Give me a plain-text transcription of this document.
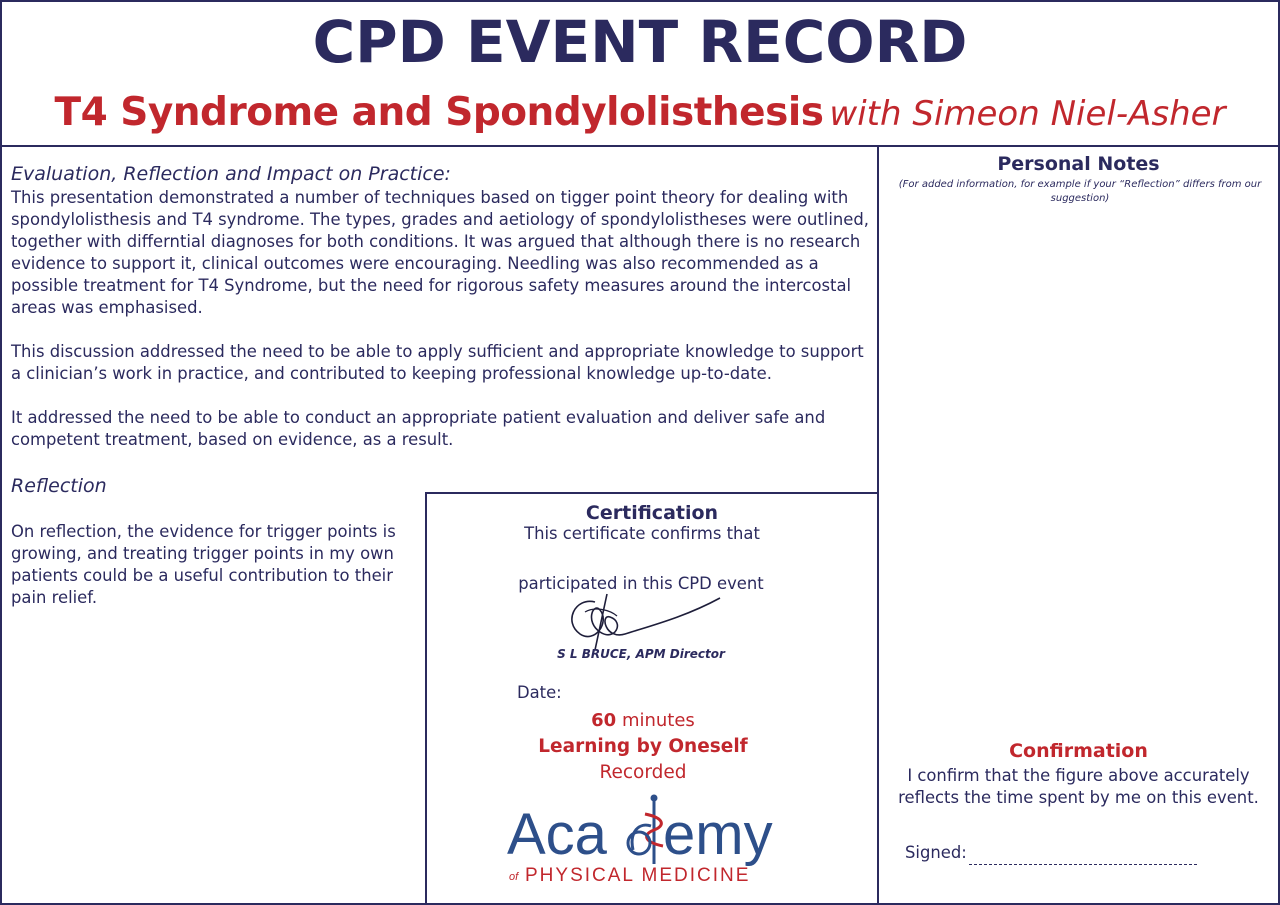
CPD EVENT RECORD
T4 Syndrome and Spondylolisthesis with Simeon Niel-Asher
Evaluation, Reflection and Impact on Practice:
This presentation demonstrated a number of techniques based on tigger point theory for dealing with spondylolisthesis and T4 syndrome. The types, grades and aetiology of spondylolistheses were outlined, together with differntial diagnoses for both conditions. It was argued that although there is no research evidence to support it, clinical outcomes were encouraging. Needling was also recommended as a possible treatment for T4 Syndrome, but the need for rigorous safety measures around the intercostal areas was emphasised.
This discussion addressed the need to be able to apply sufficient and appropriate knowledge to support a clinician’s work in practice, and contributed to keeping professional knowledge up-to-date.
It addressed the need to be able to conduct an appropriate patient evaluation and deliver safe and competent treatment, based on evidence, as a result.
Reflection
On reflection, the evidence for trigger points is growing, and treating trigger points in my own patients could be a useful contribution to their pain relief.
Certification
This certificate confirms that
participated in this CPD event
S L BRUCE, APM Director
Date:
60 minutes
Learning by Oneself
Recorded
Aca emy
of PHYSICAL MEDICINE
Personal Notes
(For added information, for example if your “Reflection” differs from our suggestion)
Confirmation
I confirm that the figure above accurately reflects the time spent by me on this event.
Signed:
